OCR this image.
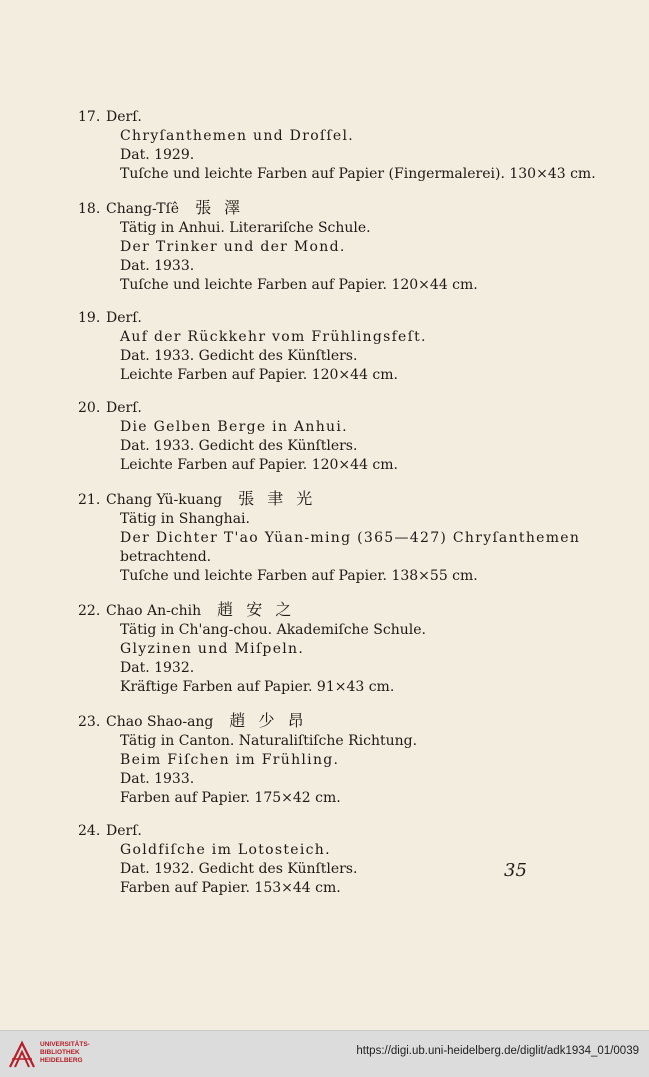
17. Derſ.
Chryſanthemen und Droſſel.
Dat. 1929.
Tuſche und leichte Farben auf Papier (Fingermalerei). 130×43 cm.
18. Chang-Tſê 張 澤
Tätig in Anhui. Literariſche Schule.
Der Trinker und der Mond.
Dat. 1933.
Tuſche und leichte Farben auf Papier. 120×44 cm.
19. Derſ.
Auf der Rückkehr vom Frühlingsfeſt.
Dat. 1933. Gedicht des Künſtlers.
Leichte Farben auf Papier. 120×44 cm.
20. Derſ.
Die Gelben Berge in Anhui.
Dat. 1933. Gedicht des Künſtlers.
Leichte Farben auf Papier. 120×44 cm.
21. Chang Yü-kuang 張 聿 光
Tätig in Shanghai.
Der Dichter T'ao Yüan-ming (365—427) Chryſanthemen
betrachtend.
Tuſche und leichte Farben auf Papier. 138×55 cm.
22. Chao An-chih 趙 安 之
Tätig in Ch'ang-chou. Akademiſche Schule.
Glyzinen und Miſpeln.
Dat. 1932.
Kräftige Farben auf Papier. 91×43 cm.
23. Chao Shao-ang 趙 少 昂
Tätig in Canton. Naturaliſtiſche Richtung.
Beim Fiſchen im Frühling.
Dat. 1933.
Farben auf Papier. 175×42 cm.
24. Derſ.
Goldfiſche im Lotosteich.
Dat. 1932. Gedicht des Künſtlers.
Farben auf Papier. 153×44 cm.
35
UNIVERSITÄTS-
BIBLIOTHEK
HEIDELBERG
https://digi.ub.uni-heidelberg.de/diglit/adk1934_01/0039
